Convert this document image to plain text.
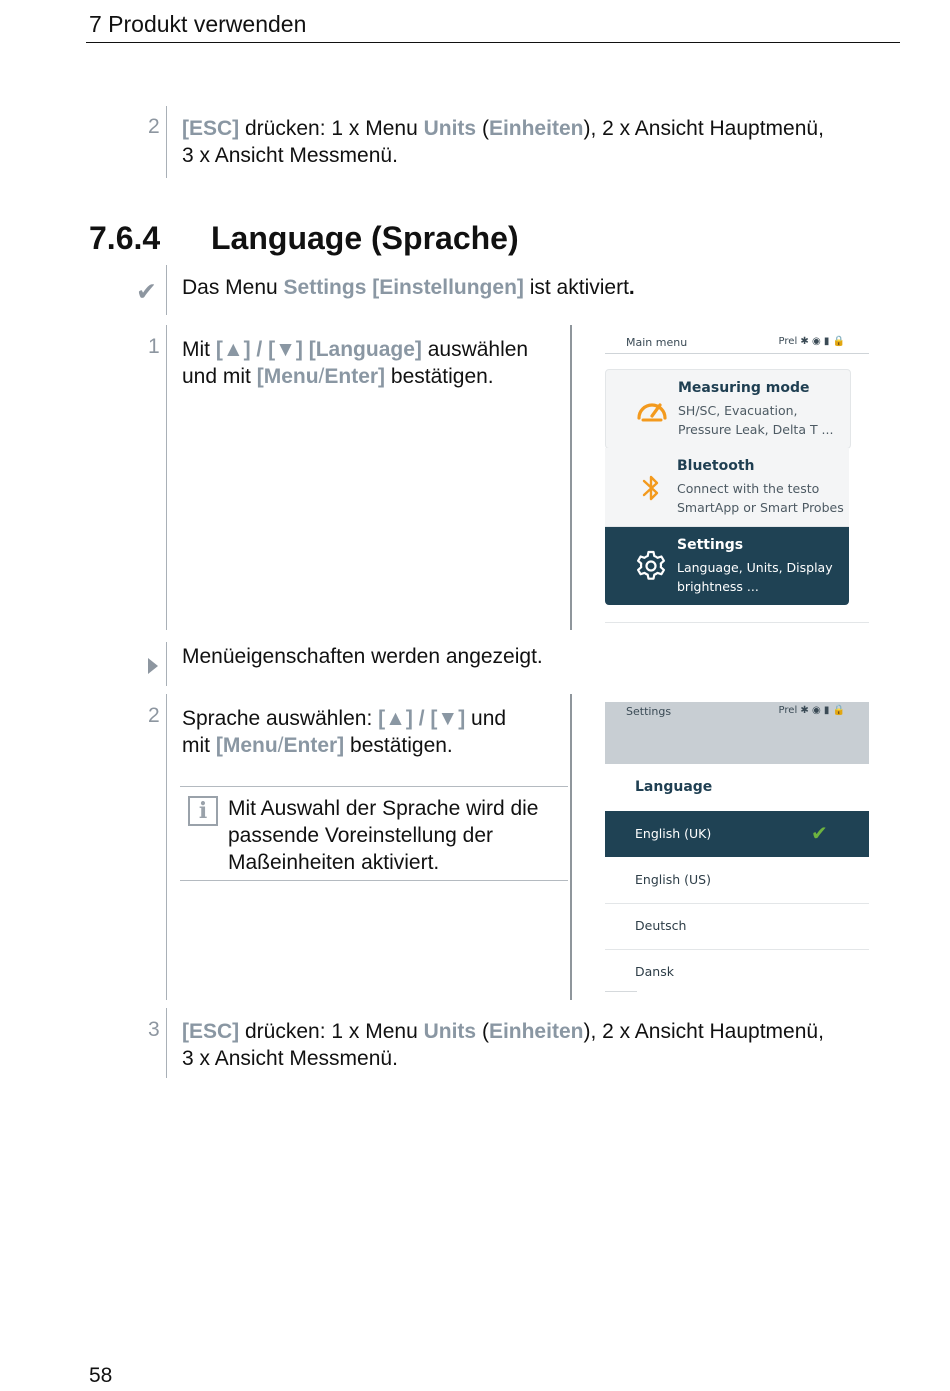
7 Produkt verwenden
2 [ESC] drücken: 1 x Menu Units (Einheiten), 2 x Ansicht Hauptmenü,
3 x Ansicht Messmenü.
7.6.4 Language (Sprache)
✔ Das Menu Settings [Einstellungen] ist aktiviert.
1 Mit [▲] / [▼] [Language] auswählen
und mit [Menu/Enter] bestätigen.
Main menu	Prel ✱ ◉ ▮ 🔒
Measuring mode
SH/SC, Evacuation, Pressure Leak, Delta T ...
Bluetooth
Connect with the testo SmartApp or Smart Probes
Settings
Language, Units, Display brightness ...
Menüeigenschaften werden angezeigt.
2 Sprache auswählen: [▲] / [▼] und
mit [Menu/Enter] bestätigen.
i Mit Auswahl der Sprache wird die
passende Voreinstellung der
Maßeinheiten aktiviert.
Settings	Prel ✱ ◉ ▮ 🔒
Language
English (UK)	✔
English (US)
Deutsch
Dansk
3 [ESC] drücken: 1 x Menu Units (Einheiten), 2 x Ansicht Hauptmenü,
3 x Ansicht Messmenü.
58
